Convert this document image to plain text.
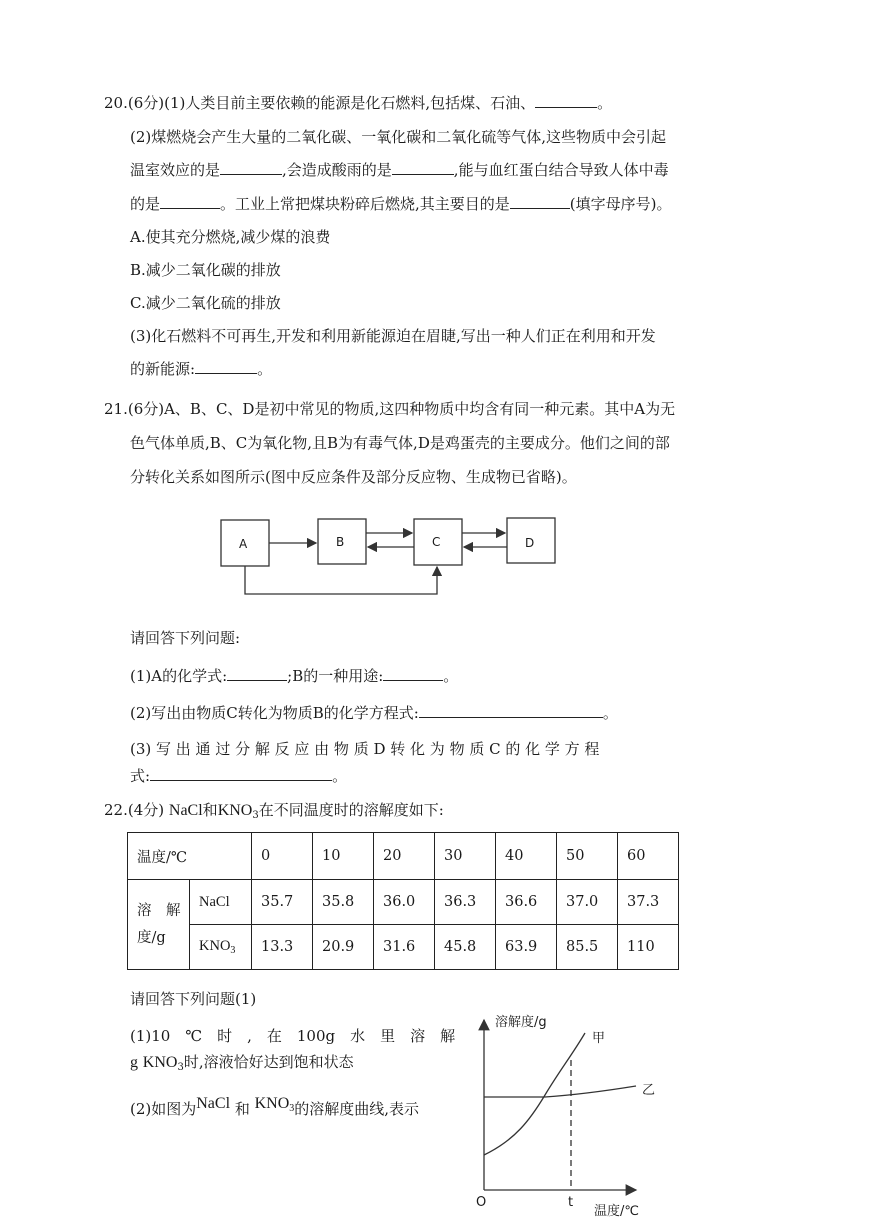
20.(6分)(1)人类目前主要依赖的能源是化石燃料,包括煤、石油、	。
(2)煤燃烧会产生大量的二氧化碳、一氧化碳和二氧化硫等气体,这些物质中会引起
温室效应的是	,会造成酸雨的是	,能与血红蛋白结合导致人体中毒
的是	。工业上常把煤块粉碎后燃烧,其主要目的是	(填字母序号)。
A.使其充分燃烧,减少煤的浪费
B.减少二氧化碳的排放
C.减少二氧化硫的排放
(3)化石燃料不可再生,开发和利用新能源迫在眉睫,写出一种人们正在利用和开发
的新能源:	。
21.(6分)A、B、C、D是初中常见的物质,这四种物质中均含有同一种元素。其中A为无
色气体单质,B、C为氧化物,且B为有毒气体,D是鸡蛋壳的主要成分。他们之间的部
分转化关系如图所示(图中反应条件及部分反应物、生成物已省略)。
A	B	C	D
请回答下列问题:
(1)A的化学式:	;B的一种用途:	。
(2)写出由物质C转化为物质B的化学方程式:	。
(3) 写 出 通 过 分 解 反 应 由 物 质 D 转 化 为 物 质 C 的 化 学 方 程
式:	。
22.(4分) NaCl和$KNO_3$在不同温度时的溶解度如下:
温度/℃		0	10	20	30	40	50	60

溶　解
度/g	NaCl	35.7	35.8	36.0	36.3	36.6	37.0	37.3
	$KNO_3$	13.3	20.9	31.6	45.8	63.9	85.5	110
请回答下列问题(1)
(1)10　℃　时　,　在　100g　水　里　溶　解
g $KNO_3$时,溶液恰好达到饱和状态
(2)如图为NaCl 和 $KNO_3$的溶解度曲线,表示
溶解度/g
甲
乙
O	t
温度/℃
